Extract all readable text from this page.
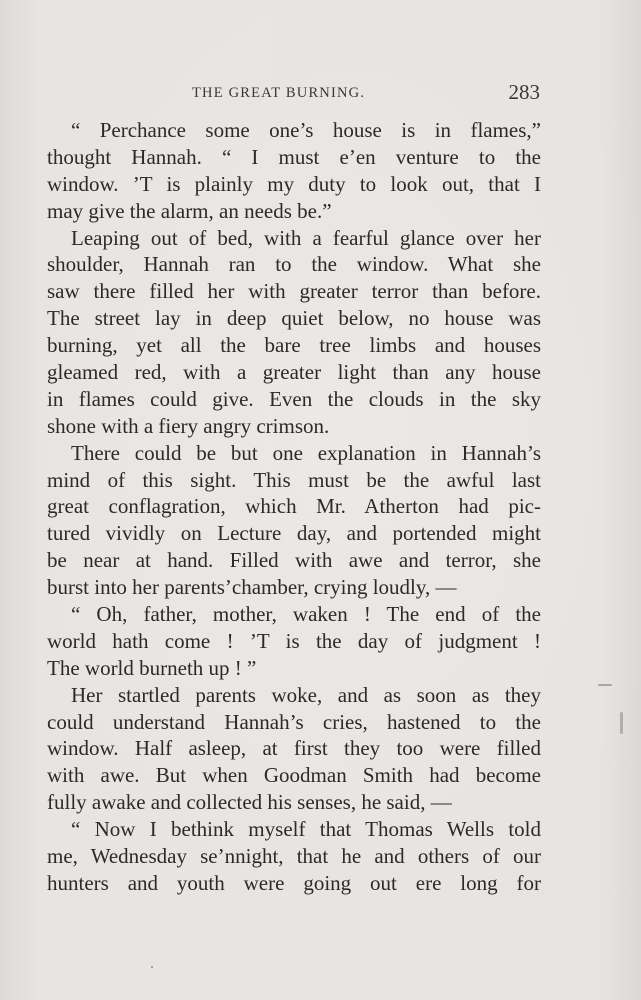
THE GREAT BURNING.	283
“ Perchance some one’s house is in flames,”
thought Hannah. “ I must e’en venture to the
window. ’T is plainly my duty to look out, that I
may give the alarm, an needs be.”
Leaping out of bed, with a fearful glance over her
shoulder, Hannah ran to the window. What she
saw there filled her with greater terror than before.
The street lay in deep quiet below, no house was
burning, yet all the bare tree limbs and houses
gleamed red, with a greater light than any house
in flames could give. Even the clouds in the sky
shone with a fiery angry crimson.
There could be but one explanation in Hannah’s
mind of this sight. This must be the awful last
great conflagration, which Mr. Atherton had pic-
tured vividly on Lecture day, and portended might
be near at hand. Filled with awe and terror, she
burst into her parents’chamber, crying loudly, —
“ Oh, father, mother, waken ! The end of the
world hath come ! ’T is the day of judgment !
The world burneth up ! ”
Her startled parents woke, and as soon as they
could understand Hannah’s cries, hastened to the
window. Half asleep, at first they too were filled
with awe. But when Goodman Smith had become
fully awake and collected his senses, he said, —
“ Now I bethink myself that Thomas Wells told
me, Wednesday se’nnight, that he and others of our
hunters and youth were going out ere long for
